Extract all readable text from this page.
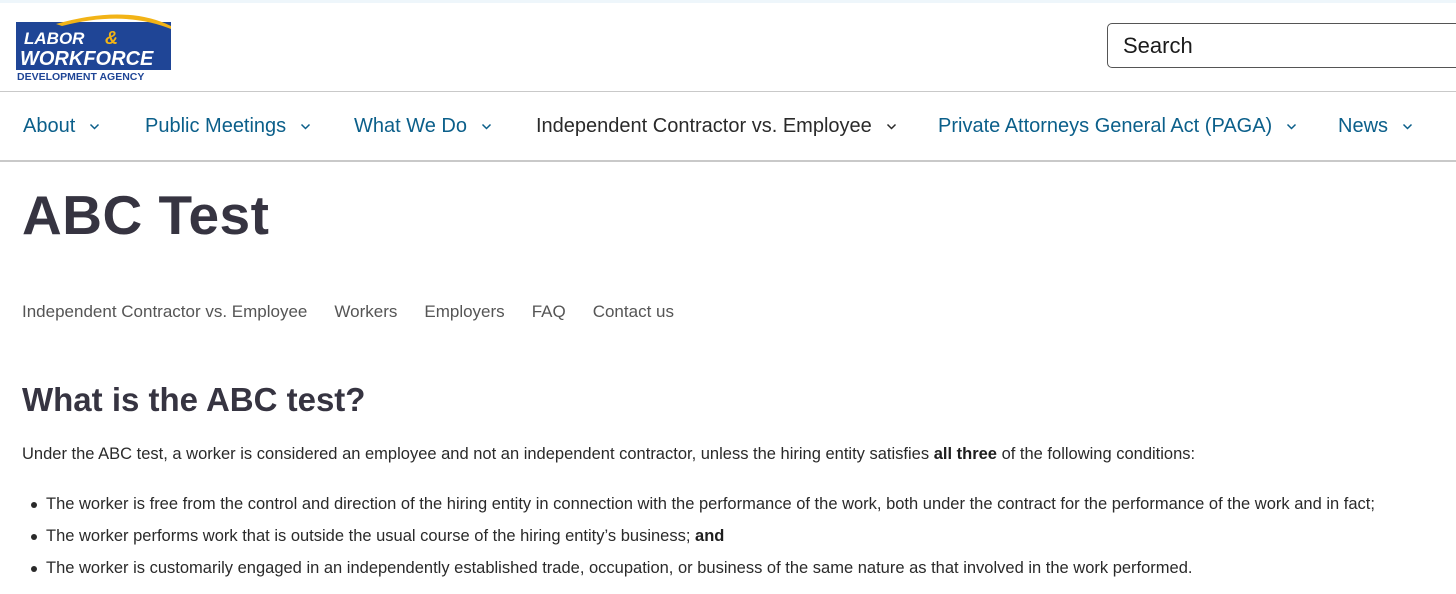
LABOR &
WORKFORCE
DEVELOPMENT AGENCY
Search
About	Public Meetings	What We Do	Independent Contractor vs. Employee	Private Attorneys General Act (PAGA)	News
ABC Test
Independent Contractor vs. Employee Workers Employers FAQ Contact us
What is the ABC test?

Under the ABC test, a worker is considered an employee and not an independent contractor, unless the hiring entity satisfies all three of the following conditions:

The worker is free from the control and direction of the hiring entity in connection with the performance of the work, both under the contract for the performance of the work and in fact;
The worker performs work that is outside the usual course of the hiring entity’s business; and
The worker is customarily engaged in an independently established trade, occupation, or business of the same nature as that involved in the work performed.
